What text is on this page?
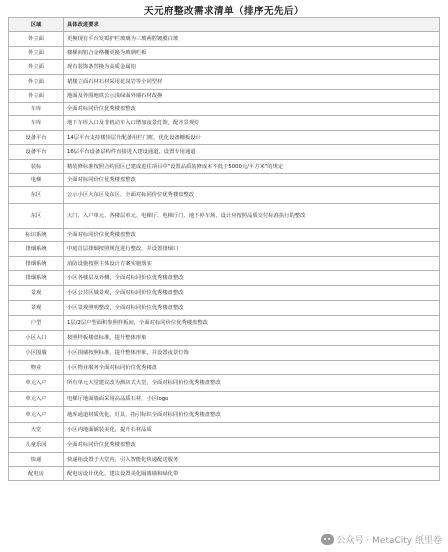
天元府整改需求清单（排序无先后）
区域	具体改进要求
外立面	更换现有平台发霉护栏玻璃为三玻两腔镀膜白玻
外立面	楼梯间铝合金格栅更换为玻璃栏板
外立面	现有装饰条替换为高质金属铝
外立面	裙楼立面石材石材采用花岗岩等全同型材
外立面	地面及外围地铁公示浅绿面外墙石材改换
车库	全面对标同价位优秀楼盘整改
车库	地下车库入口及非机动车入口增加夜景灯饰，配齐景观灯
设备平台	14层平台支持楼顶层升配备用栏门框，优化设备栅板设计
设备平台	16层平台设备层构件直接进入建设通道，设置专用通道
装标	精装修标准按照合约园区已建成进住项目中"设置品质装修成本不低于5000元/平方米"的规定
电梯	全面对标同价位优秀楼盘整改
东区	公示小区大东区及东区，全面对标同价位优秀楼盘整改
东区	大门、入户单元、各楼层单元、电梯厅、电梯厅门、地下停车场、设计应按照品质交付标准执行的整改
标识系统	全面对标同价位优秀楼盘整改
排烟系统	中庭首层排烟按照规范进行整改，并设置排烟口
排烟系统	消防设施按照主体设计方案实施落实
排烟系统	小区各楼层及外侧，全面对标同价位优秀楼盘整改
景观	小区公共区域景观，全面对标同价位优秀楼盘整改
景观	小区景观照明整改，全面对标同价位优秀楼盘整改
户型	1层/2层户型面积参照样板间，全面对标同价位优秀楼盘整改
小区入口	按照样板楼盘标准，提升整体形象
小区围墙	小区围墙按照标准，提升整体形象，并设置夜景灯饰
物业	小区物业服务全面对标同价位优秀楼盘
单元入户	所有单元大堂建议改为酒店式大堂，全面对标同价位优秀楼盘整改
单元入户	电梯厅地面墙面采用高品质石材，小区logo
单元入户	地库通道材质优化，灯具、指引标识全面对标同价位优秀楼盘整改
大堂	小区内地面铺装美化，提升石材品质
儿童乐园	全面对标同价位优秀楼盘整改
快递	快递柜设置于大堂内，引入智能化快递配送服务
配电房	配电房设计优化，建议设置美化隔离墙和绿化带
公众号 · MetaCity 纸里卷
